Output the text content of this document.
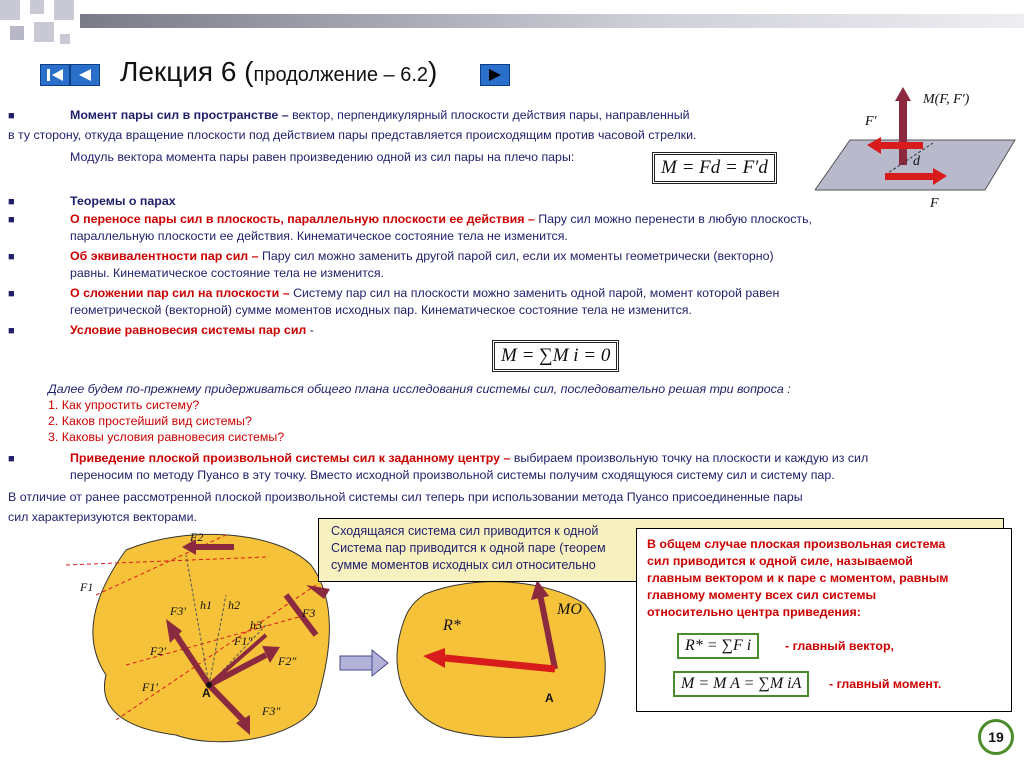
Лекция 6 (продолжение – 6.2)
■	Момент пары сил в пространстве – вектор, перпендикулярный плоскости действия пары, направленный
в ту сторону, откуда вращение плоскости под действием пары представляется происходящим против часовой стрелки.
Модуль вектора момента пары равен произведению одной из сил пары на плечо пары:	M = Fd = F′d
■	Теоремы о парах
■	О переносе пары сил в плоскость, параллельную плоскости ее действия – Пару сил можно перенести в любую плоскость,
параллельную плоскости ее действия. Кинематическое состояние тела не изменится.
■	Об эквивалентности пар сил – Пару сил можно заменить другой парой сил, если их моменты геометрически (векторно)
равны. Кинематическое состояние тела не изменится.
■	О сложении пар сил на плоскости – Систему пар сил на плоскости можно заменить одной парой, момент которой равен
геометрической (векторной) сумме моментов исходных пар. Кинематическое состояние тела не изменится.
■	Условие равновесия системы пар сил -
M = ∑M i = 0
Далее будем по-прежнему придерживаться общего плана исследования системы сил, последовательно решая три вопроса :
1. Как упростить систему?
2. Каков простейший вид системы?
3. Каковы условия равновесия системы?
■	Приведение плоской произвольной системы сил к заданному центру – выбираем произвольную точку на плоскости и каждую из сил
переносим по методу Пуансо в эту точку. Вместо исходной произвольной системы получим сходящуюся систему сил и систему пар.
В отличие от ранее рассмотренной плоской произвольной системы сил теперь при использовании метода Пуансо присоединенные пары
сил характеризуются векторами.
M(F, F′)
F′
d
F
F1
F2
F3
F3′
F2′
F1′
F1″
F2″
F3″
h1 h2
h3
A
R*
MO
A
Сходящаяся система сил приводится к одной
Система пар приводится к одной паре (теорем
сумме моментов исходных сил относительно
В общем случае плоская произвольная система
сил приводится к одной силе, называемой
главным вектором и к паре с моментом, равным
главному моменту всех сил системы
относительно центра приведения:
R* = ∑F i	- главный вектор,
M = M A = ∑M iA	- главный момент.
19
